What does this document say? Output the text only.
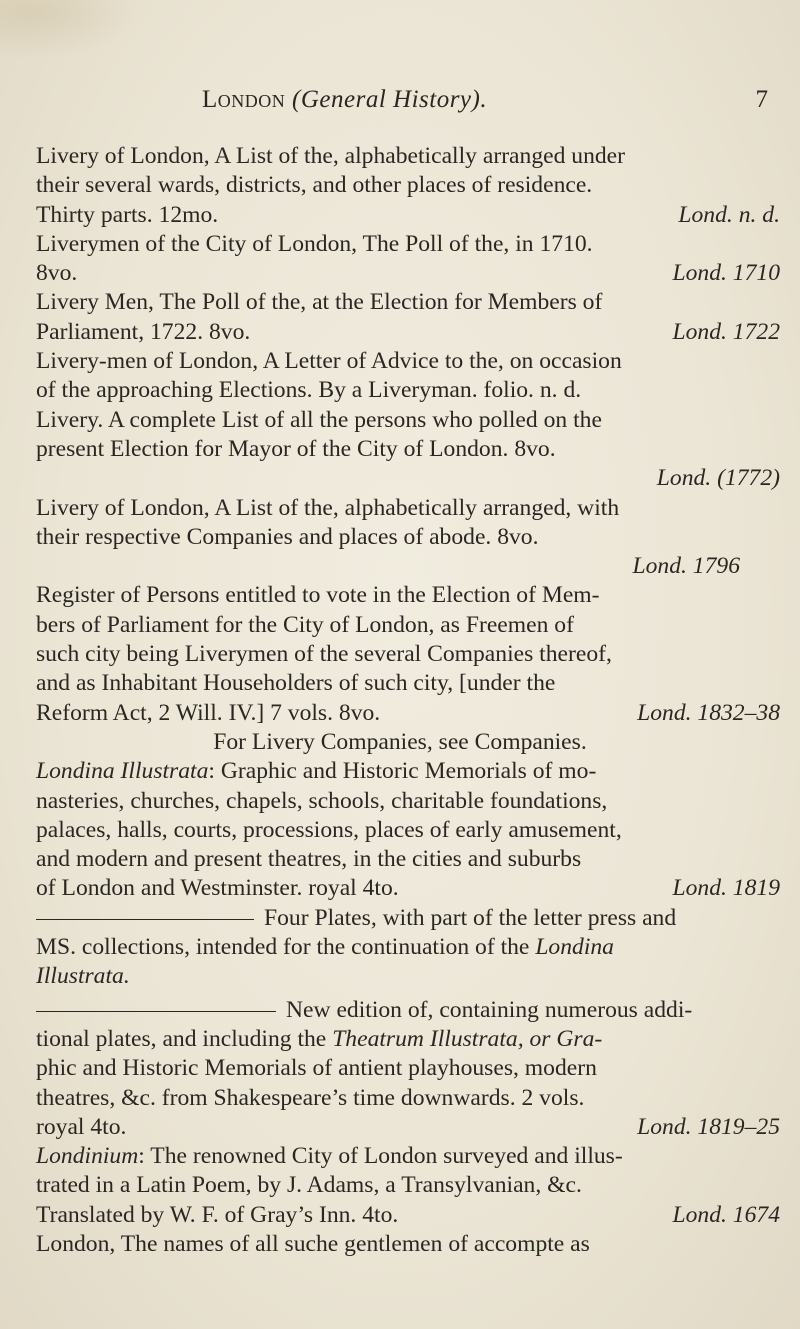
London (General History).	7
Livery of London, A List of the, alphabetically arranged under
their several wards, districts, and other places of residence.
Thirty parts. 12mo.	Lond. n. d.
Liverymen of the City of London, The Poll of the, in 1710.
8vo.	Lond. 1710
Livery Men, The Poll of the, at the Election for Members of
Parliament, 1722. 8vo.	Lond. 1722
Livery-men of London, A Letter of Advice to the, on occasion
of the approaching Elections. By a Liveryman. folio. n. d.
Livery. A complete List of all the persons who polled on the
present Election for Mayor of the City of London. 8vo.
Lond. (1772)
Livery of London, A List of the, alphabetically arranged, with
their respective Companies and places of abode. 8vo.
Lond. 1796
Register of Persons entitled to vote in the Election of Mem-
bers of Parliament for the City of London, as Freemen of
such city being Liverymen of the several Companies thereof,
and as Inhabitant Householders of such city, [under the
Reform Act, 2 Will. IV.] 7 vols. 8vo.	Lond. 1832–38
For Livery Companies, see Companies.
Londina Illustrata: Graphic and Historic Memorials of mo-
nasteries, churches, chapels, schools, charitable foundations,
palaces, halls, courts, processions, places of early amusement,
and modern and present theatres, in the cities and suburbs
of London and Westminster. royal 4to.	Lond. 1819
Four Plates, with part of the letter press and
MS. collections, intended for the continuation of the Londina
Illustrata.
New edition of, containing numerous addi-
tional plates, and including the Theatrum Illustrata, or Gra-
phic and Historic Memorials of antient playhouses, modern
theatres, &c. from Shakespeare’s time downwards. 2 vols.
royal 4to.	Lond. 1819–25
Londinium: The renowned City of London surveyed and illus-
trated in a Latin Poem, by J. Adams, a Transylvanian, &c.
Translated by W. F. of Gray’s Inn. 4to.	Lond. 1674
London, The names of all suche gentlemen of accompte as
